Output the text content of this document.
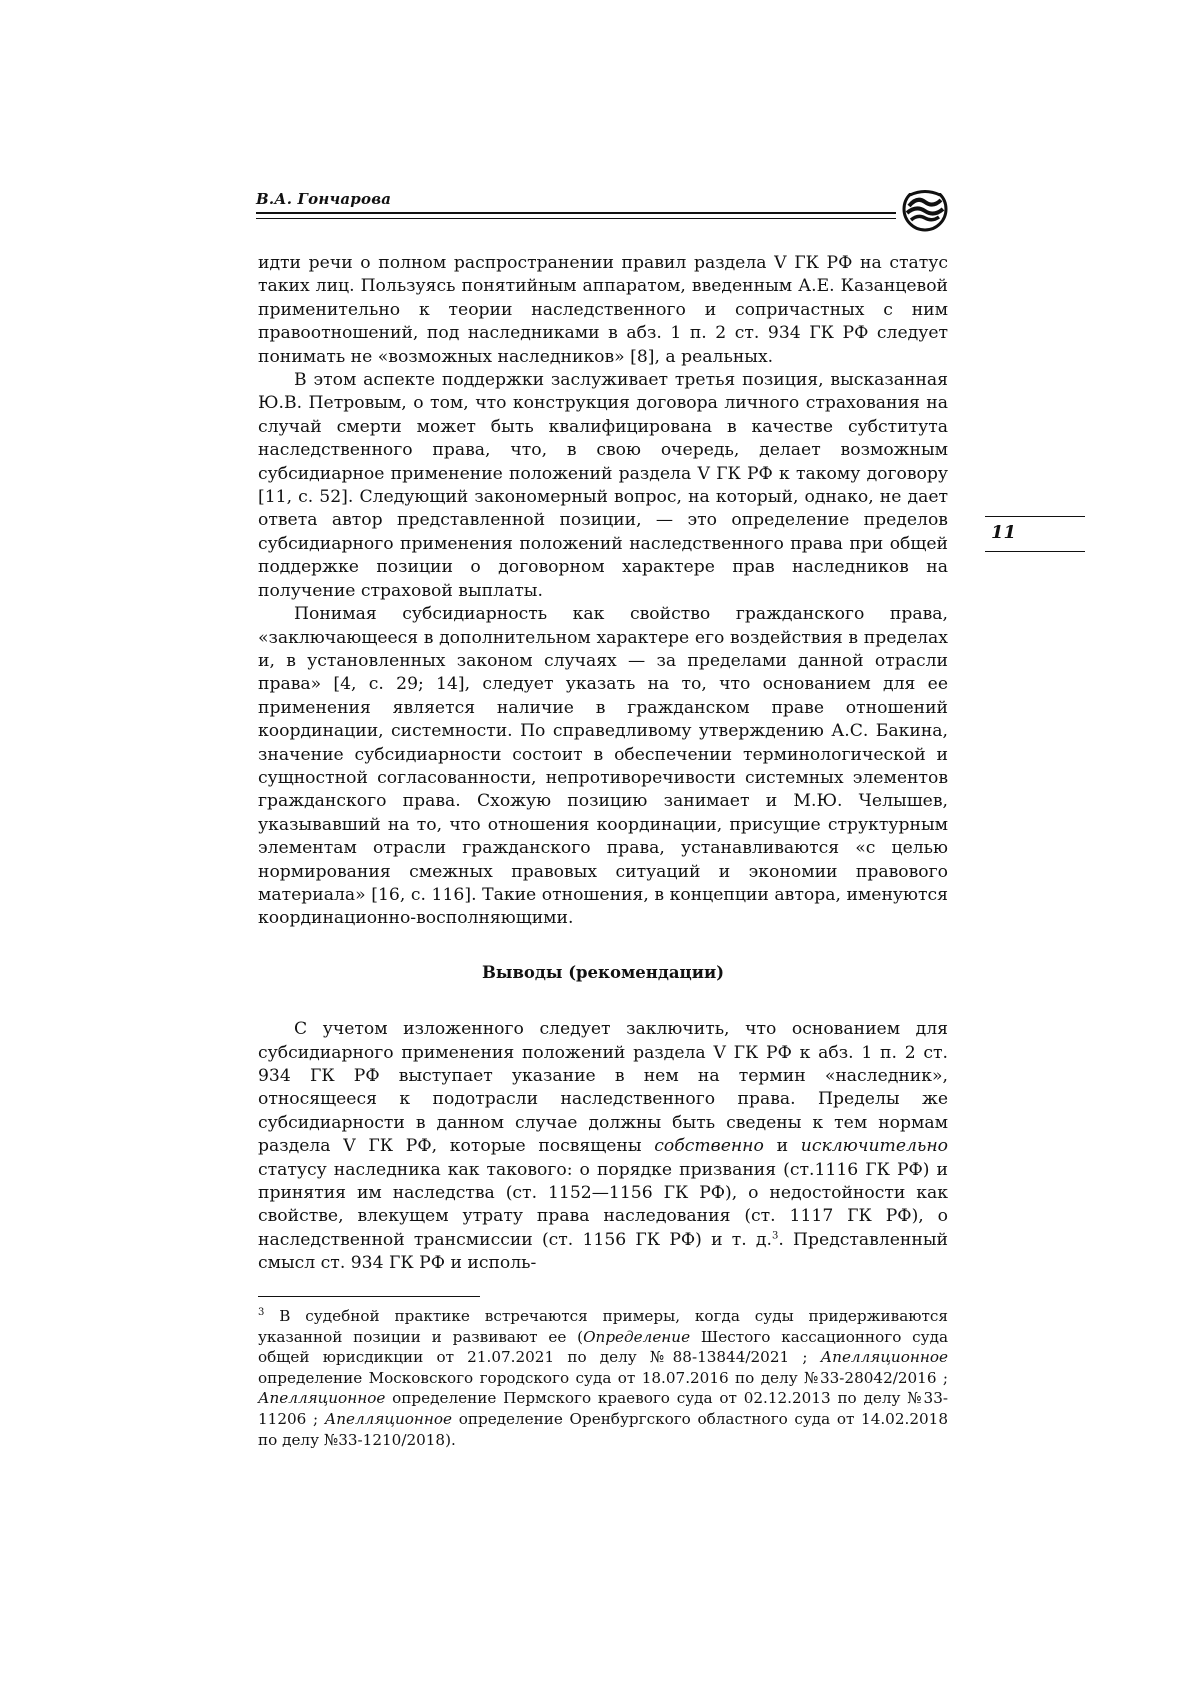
В.А. Гончарова
11

идти речи о полном распространении правил раздела V ГК РФ на статус таких лиц. Пользуясь понятийным аппаратом, введенным А.Е. Казанцевой применительно к теории наследственного и сопричастных с ним правоотношений, под наследниками в абз. 1 п. 2 ст. 934 ГК РФ следует понимать не «возможных наследников» [8], а реальных.

В этом аспекте поддержки заслуживает третья позиция, высказанная Ю.В. Петровым, о том, что конструкция договора личного страхования на случай смерти может быть квалифицирована в качестве субститута наследственного права, что, в свою очередь, делает возможным субсидиарное применение положений раздела V ГК РФ к такому договору [11, с. 52]. Следующий закономерный вопрос, на который, однако, не дает ответа автор представленной позиции, — это определение пределов субсидиарного применения положений наследственного права при общей поддержке позиции о договорном характере прав наследников на получение страховой выплаты.

Понимая субсидиарность как свойство гражданского права, «заключающееся в дополнительном характере его воздействия в пределах и, в установленных законом случаях — за пределами данной отрасли права» [4, с. 29; 14], следует указать на то, что основанием для ее применения является наличие в гражданском праве отношений координации, системности. По справедливому утверждению А.С. Бакина, значение субсидиарности состоит в обеспечении терминологической и сущностной согласованности, непротиворечивости системных элементов гражданского права. Схожую позицию занимает и М.Ю. Челышев, указывавший на то, что отношения координации, присущие структурным элементам отрасли гражданского права, устанавливаются «с целью нормирования смежных правовых ситуаций и экономии правового материала» [16, с. 116]. Такие отношения, в концепции автора, именуются координационно-восполняющими.

Выводы (рекомендации)

С учетом изложенного следует заключить, что основанием для субсидиарного применения положений раздела V ГК РФ к абз. 1 п. 2 ст. 934 ГК РФ выступает указание в нем на термин «наследник», относящееся к подотрасли наследственного права. Пределы же субсидиарности в данном случае должны быть сведены к тем нормам раздела V ГК РФ, которые посвящены собственно и исключительно статусу наследника как такового: о порядке призвания (ст.1116 ГК РФ) и принятия им наследства (ст. 1152—1156 ГК РФ), о недостойности как свойстве, влекущем утрату права наследования (ст. 1117 ГК РФ), о наследственной трансмиссии (ст. 1156 ГК РФ) и т. д.$^3$. Представленный смысл ст. 934 ГК РФ и исполь-

$^3$ В судебной практике встречаются примеры, когда суды придерживаются указанной позиции и развивают ее (Определение Шестого кассационного суда общей юрисдикции от 21.07.2021 по делу №88-13844/2021 ; Апелляционное определение Московского городского суда от 18.07.2016 по делу №33-28042/2016 ; Апелляционное определение Пермского краевого суда от 02.12.2013 по делу №33-11206 ; Апелляционное определение Оренбургского областного суда от 14.02.2018 по делу №33-1210/2018).
